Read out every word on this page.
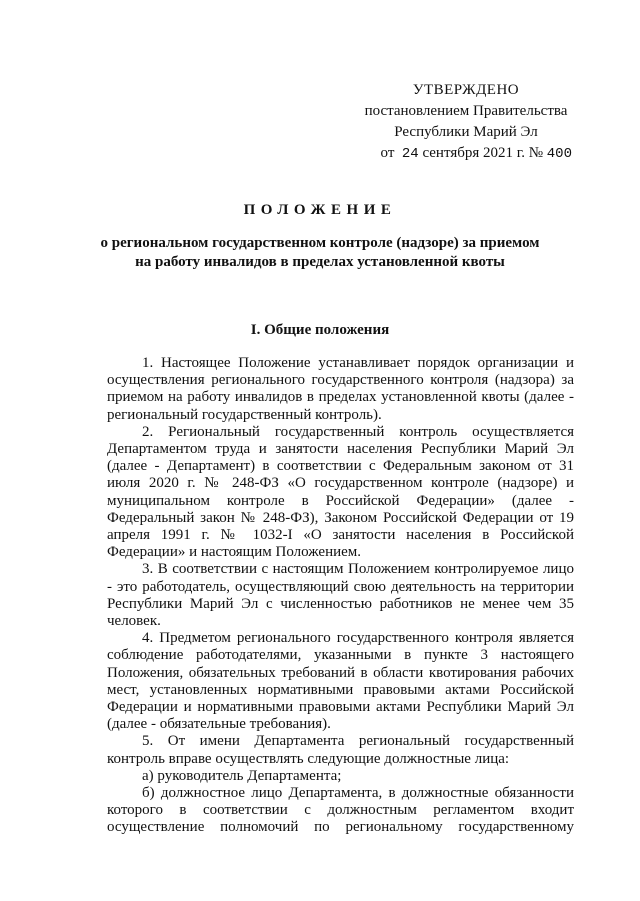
УТВЕРЖДЕНО
постановлением Правительства
Республики Марий Эл
от 24 сентября 2021 г. № 400
ПОЛОЖЕНИЕ
о региональном государственном контроле (надзоре) за приемом на работу инвалидов в пределах установленной квоты
I. Общие положения

1. Настоящее Положение устанавливает порядок организации и осуществления регионального государственного контроля (надзора) за приемом на работу инвалидов в пределах установленной квоты (далее - региональный государственный контроль).

2. Региональный государственный контроль осуществляется Департаментом труда и занятости населения Республики Марий Эл (далее - Департамент) в соответствии с Федеральным законом от 31 июля 2020 г. № 248-ФЗ «О государственном контроле (надзоре) и муниципальном контроле в Российской Федерации» (далее - Федеральный закон № 248-ФЗ), Законом Российской Федерации от 19 апреля 1991 г. № 1032-I «О занятости населения в Российской Федерации» и настоящим Положением.

3. В соответствии с настоящим Положением контролируемое лицо - это работодатель, осуществляющий свою деятельность на территории Республики Марий Эл с численностью работников не менее чем 35 человек.

4. Предметом регионального государственного контроля является соблюдение работодателями, указанными в пункте 3 настоящего Положения, обязательных требований в области квотирования рабочих мест, установленных нормативными правовыми актами Российской Федерации и нормативными правовыми актами Республики Марий Эл (далее - обязательные требования).

5. От имени Департамента региональный государственный контроль вправе осуществлять следующие должностные лица:

а) руководитель Департамента;

б) должностное лицо Департамента, в должностные обязанности которого в соответствии с должностным регламентом входит осуществление полномочий по региональному государственному
